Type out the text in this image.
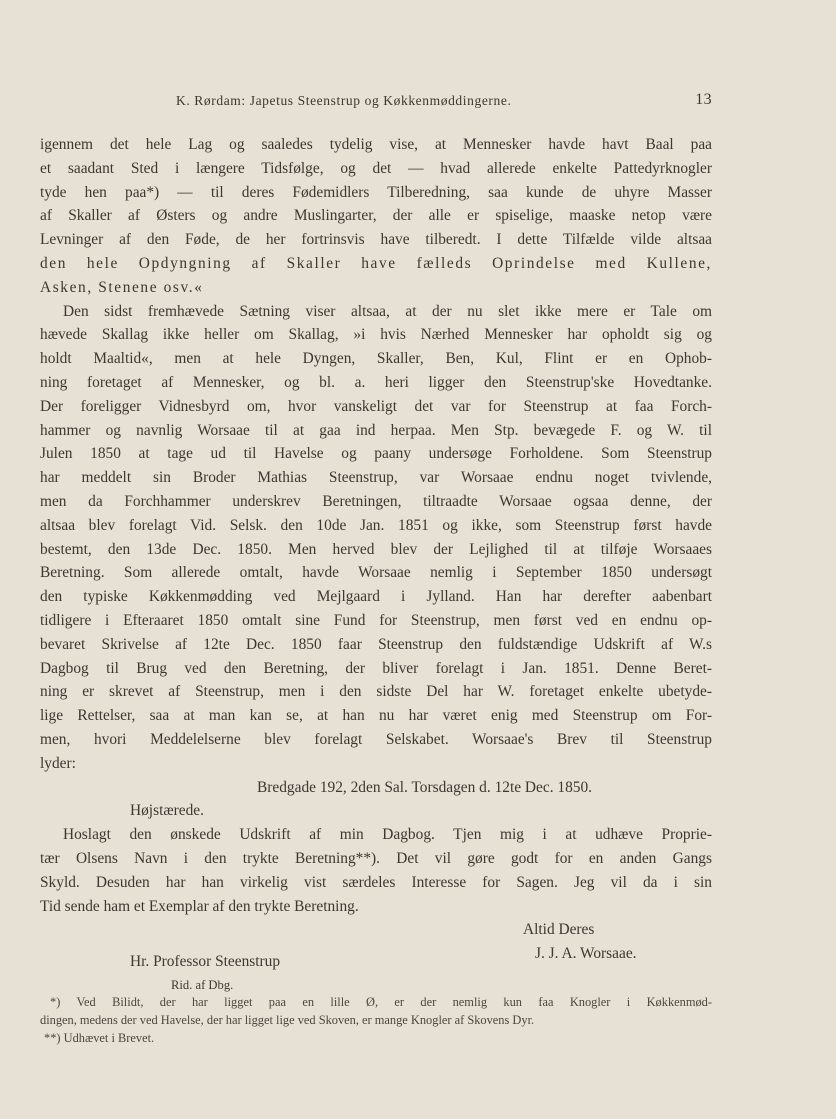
K. Rørdam: Japetus Steenstrup og Køkkenmøddingerne.	13
igennem det hele Lag og saaledes tydelig vise, at Mennesker havde havt Baal paa
et saadant Sted i længere Tidsfølge, og det — hvad allerede enkelte Pattedyrknogler
tyde hen paa*) — til deres Fødemidlers Tilberedning, saa kunde de uhyre Masser
af Skaller af Østers og andre Muslingarter, der alle er spiselige, maaske netop være
Levninger af den Føde, de her fortrinsvis have tilberedt. I dette Tilfælde vilde altsaa
den hele Opdyngning af Skaller have fælleds Oprindelse med Kullene,
Asken, Stenene osv.«
Den sidst fremhævede Sætning viser altsaa, at der nu slet ikke mere er Tale om
hævede Skallag ikke heller om Skallag, »i hvis Nærhed Mennesker har opholdt sig og
holdt Maaltid«, men at hele Dyngen, Skaller, Ben, Kul, Flint er en Ophob-
ning foretaget af Mennesker, og bl. a. heri ligger den Steenstrup'ske Hovedtanke.
Der foreligger Vidnesbyrd om, hvor vanskeligt det var for Steenstrup at faa Forch-
hammer og navnlig Worsaae til at gaa ind herpaa. Men Stp. bevægede F. og W. til
Julen 1850 at tage ud til Havelse og paany undersøge Forholdene. Som Steenstrup
har meddelt sin Broder Mathias Steenstrup, var Worsaae endnu noget tvivlende,
men da Forchhammer underskrev Beretningen, tiltraadte Worsaae ogsaa denne, der
altsaa blev forelagt Vid. Selsk. den 10de Jan. 1851 og ikke, som Steenstrup først havde
bestemt, den 13de Dec. 1850. Men herved blev der Lejlighed til at tilføje Worsaaes
Beretning. Som allerede omtalt, havde Worsaae nemlig i September 1850 undersøgt
den typiske Køkkenmødding ved Mejlgaard i Jylland. Han har derefter aabenbart
tidligere i Efteraaret 1850 omtalt sine Fund for Steenstrup, men først ved en endnu op-
bevaret Skrivelse af 12te Dec. 1850 faar Steenstrup den fuldstændige Udskrift af W.s
Dagbog til Brug ved den Beretning, der bliver forelagt i Jan. 1851. Denne Beret-
ning er skrevet af Steenstrup, men i den sidste Del har W. foretaget enkelte ubetyde-
lige Rettelser, saa at man kan se, at han nu har været enig med Steenstrup om For-
men, hvori Meddelelserne blev forelagt Selskabet. Worsaae's Brev til Steenstrup
lyder:
Bredgade 192, 2den Sal. Torsdagen d. 12te Dec. 1850.
Højstærede.
Hoslagt den ønskede Udskrift af min Dagbog. Tjen mig i at udhæve Proprie-
tær Olsens Navn i den trykte Beretning**). Det vil gøre godt for en anden Gangs
Skyld. Desuden har han virkelig vist særdeles Interesse for Sagen. Jeg vil da i sin
Tid sende ham et Exemplar af den trykte Beretning.
Altid Deres
Hr. Professor Steenstrup
Rid. af Dbg.
J. J. A. Worsaae.
*) Ved Bilidt, der har ligget paa en lille Ø, er der nemlig kun faa Knogler i Køkkenmød-
dingen, medens der ved Havelse, der har ligget lige ved Skoven, er mange Knogler af Skovens Dyr.
**) Udhævet i Brevet.
